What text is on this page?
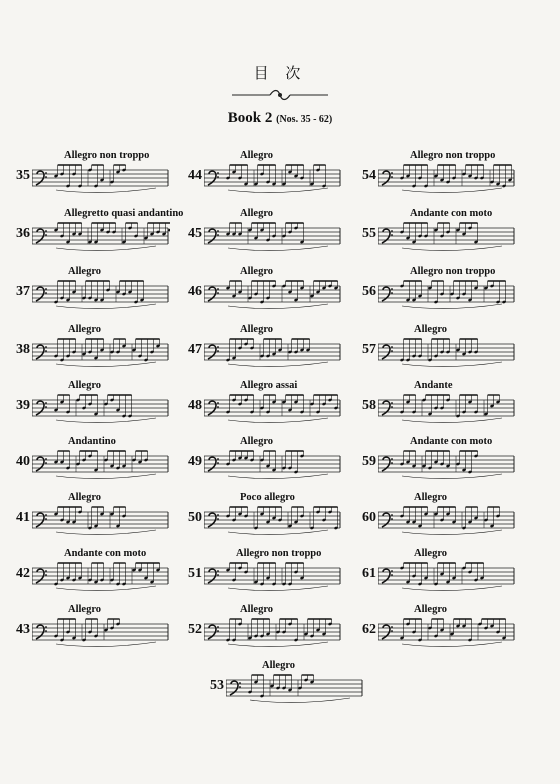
目 次
Book 2 (Nos. 35 - 62)
Allegro non troppo
35
Allegretto quasi andantino
36
Allegro
37
Allegro
38
Allegro
39
Andantino
40
Allegro
41
Andante con moto
42
Allegro
43
Allegro
44
Allegro
45
Allegro
46
Allegro
47
Allegro assai
48
Allegro
49
Poco allegro
50
Allegro non troppo
51
Allegro
52
Allegro
53
Allegro non troppo
54
Andante con moto
55
Allegro non troppo
56
Allegro
57
Andante
58
Andante con moto
59
Allegro
60
Allegro
61
Allegro
62
